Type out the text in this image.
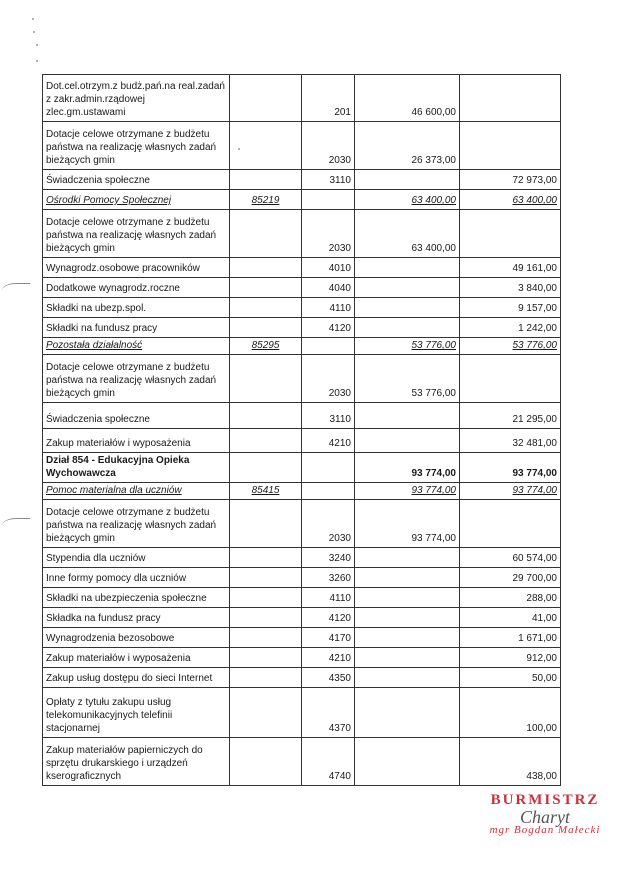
Dot.cel.otrzym.z budż.pań.na real.zadań z zakr.admin.rządowej zlec.gm.ustawami		201	46 600,00	
Dotacje celowe otrzymane z budżetu państwa na realizację własnych zadań bieżących gmin		2030	26 373,00	
Świadczenia społeczne		3110		72 973,00
Ośrodki Pomocy Społecznej	85219		63 400,00	63 400,00
Dotacje celowe otrzymane z budżetu państwa na realizację własnych zadań bieżących gmin		2030	63 400,00	
Wynagrodz.osobowe pracowników		4010		49 161,00
Dodatkowe wynagrodz.roczne		4040		3 840,00
Składki na ubezp.spol.		4110		9 157,00
Składki na fundusz pracy		4120		1 242,00
Pozostała działalność	85295		53 776,00	53 776,00
Dotacje celowe otrzymane z budżetu państwa na realizację własnych zadań bieżących gmin		2030	53 776,00	
Świadczenia społeczne		3110		21 295,00
Zakup materiałów i wyposażenia		4210		32 481,00
Dział 854 - Edukacyjna Opieka Wychowawcza			93 774,00	93 774,00
Pomoc materialna dla uczniów	85415		93 774,00	93 774,00
Dotacje celowe otrzymane z budżetu państwa na realizację własnych zadań bieżących gmin		2030	93 774,00	
Stypendia dla uczniów		3240		60 574,00
Inne formy pomocy dla uczniów		3260		29 700,00
Składki na ubezpieczenia społeczne		4110		288,00
Składka na fundusz pracy		4120		41,00
Wynagrodzenia bezosobowe		4170		1 671,00
Zakup materiałów i wyposażenia		4210		912,00
Zakup usług dostępu do sieci Internet		4350		50,00
Opłaty z tytułu zakupu usług telekomunikacyjnych telefinii stacjonarnej		4370		100,00
Zakup materiałów papierniczych do sprzętu drukarskiego i urządzeń kserograficznych		4740		438,00
BURMISTRZ
Charyt
mgr Bogdan Małecki
